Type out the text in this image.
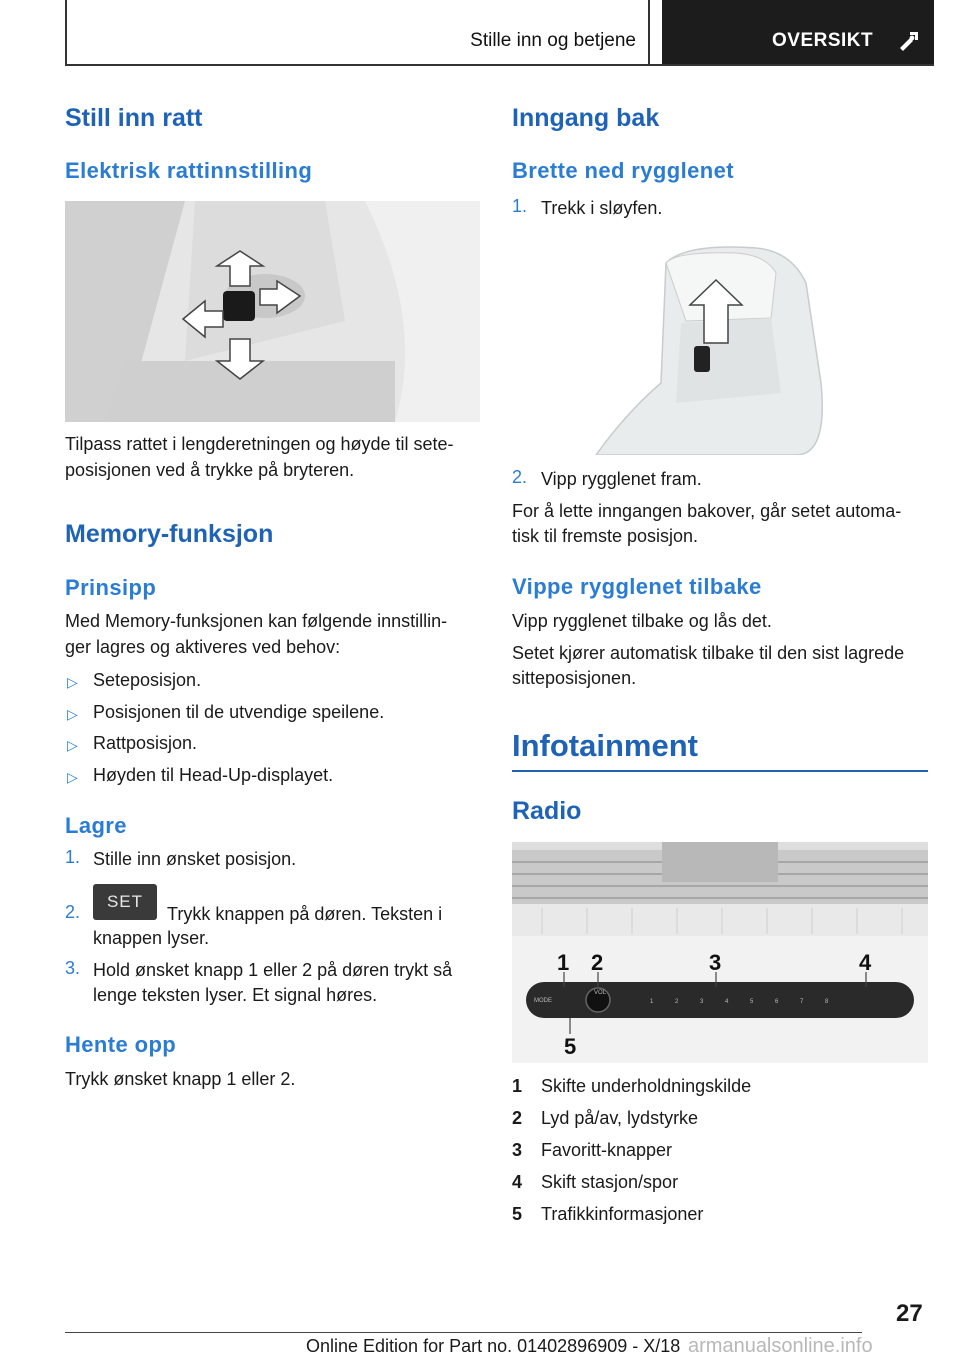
Stille inn og betjene	OVERSIKT
Still inn ratt
Elektrisk rattinnstilling
Tilpass rattet i lengderetningen og høyde til sete‐
posisjonen ved å trykke på bryteren.
Memory-funksjon
Prinsipp
Med Memory-funksjonen kan følgende innstillin‐
ger lagres og aktiveres ved behov:
▷ Seteposisjon.
▷ Posisjonen til de utvendige speilene.
▷ Rattposisjon.
▷ Høyden til Head-Up-displayet.
Lagre
1. Stille inn ønsket posisjon.
2.
SET
Trykk knappen på døren. Teksten i
knappen lyser.
3. Hold ønsket knapp 1 eller 2 på døren trykt så
lenge teksten lyser. Et signal høres.
Hente opp
Trykk ønsket knapp 1 eller 2.
Inngang bak
Brette ned rygglenet
1. Trekk i sløyfen.
2. Vipp rygglenet fram.
For å lette inngangen bakover, går setet automa‐
tisk til fremste posisjon.
Vippe rygglenet tilbake
Vipp rygglenet tilbake og lås det.
Setet kjører automatisk tilbake til den sist lagrede
sitteposisjonen.
Infotainment
Radio
MODE
VOL
1	2	3	4	5	6	7	8
1 2	3	4
5
1 Skifte underholdningskilde
2 Lyd på/av, lydstyrke
3 Favoritt-knapper
4 Skift stasjon/spor
5 Trafikkinformasjoner
27
Online Edition for Part no. 01402896909 - X/18 armanualsonline.info
